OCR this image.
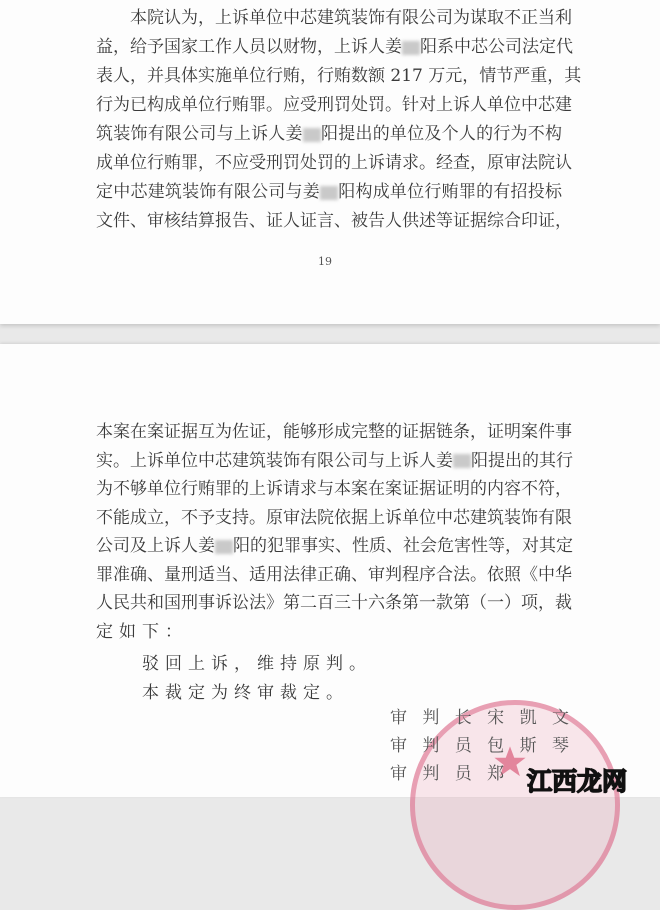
　　本院认为，上诉单位中芯建筑装饰有限公司为谋取不正当利
益，给予国家工作人员以财物，上诉人姜 阳系中芯公司法定代
表人，并具体实施单位行贿，行贿数额 217 万元，情节严重，其
行为已构成单位行贿罪。应受刑罚处罚。针对上诉人单位中芯建
筑装饰有限公司与上诉人姜 阳提出的单位及个人的行为不构
成单位行贿罪，不应受刑罚处罚的上诉请求。经查，原审法院认
定中芯建筑装饰有限公司与姜 阳构成单位行贿罪的有招投标
文件、审核结算报告、证人证言、被告人供述等证据综合印证，
19
本案在案证据互为佐证，能够形成完整的证据链条，证明案件事
实。上诉单位中芯建筑装饰有限公司与上诉人姜 阳提出的其行
为不够单位行贿罪的上诉请求与本案在案证据证明的内容不符，
不能成立，不予支持。原审法院依据上诉单位中芯建筑装饰有限
公司及上诉人姜 阳的犯罪事实、性质、社会危害性等，对其定
罪准确、量刑适当、适用法律正确、审判程序合法。依照《中华
人民共和国刑事诉讼法》第二百三十六条第一款第（一）项，裁
定如下：
　　驳回上诉，维持原判。
　　本裁定为终审裁定。
审 判 长 宋 凯 文
审 判 员 包 斯 琴
审 判 员 郑 江西龙网
